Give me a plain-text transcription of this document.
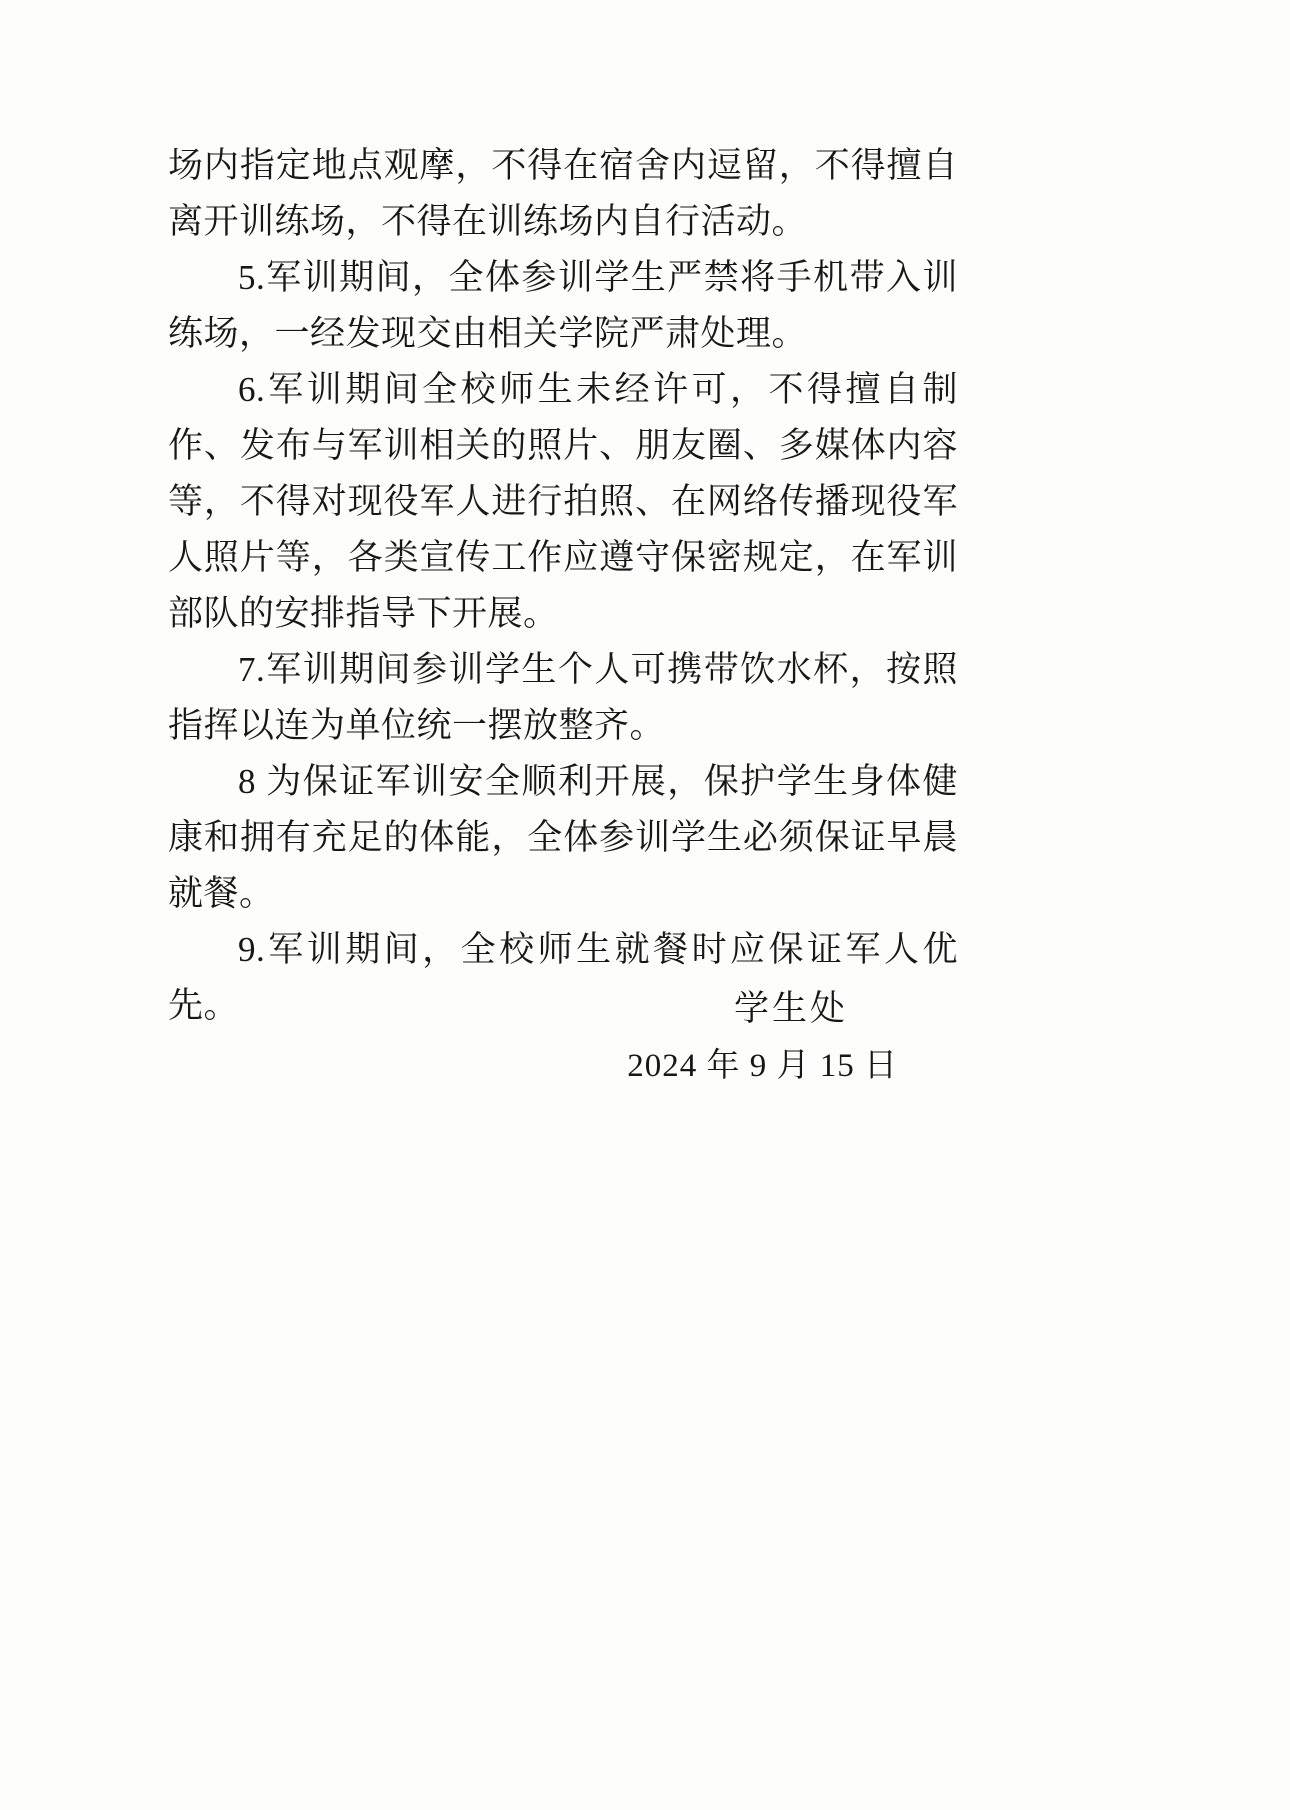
场内指定地点观摩，不得在宿舍内逗留，不得擅自离开训练场，不得在训练场内自行活动。

5.军训期间，全体参训学生严禁将手机带入训练场，一经发现交由相关学院严肃处理。

6.军训期间全校师生未经许可，不得擅自制作、发布与军训相关的照片、朋友圈、多媒体内容等，不得对现役军人进行拍照、在网络传播现役军人照片等，各类宣传工作应遵守保密规定，在军训部队的安排指导下开展。

7.军训期间参训学生个人可携带饮水杯，按照指挥以连为单位统一摆放整齐。

8 为保证军训安全顺利开展，保护学生身体健康和拥有充足的体能，全体参训学生必须保证早晨就餐。

9.军训期间，全校师生就餐时应保证军人优先。	学生处
2024 年 9 月 15 日
